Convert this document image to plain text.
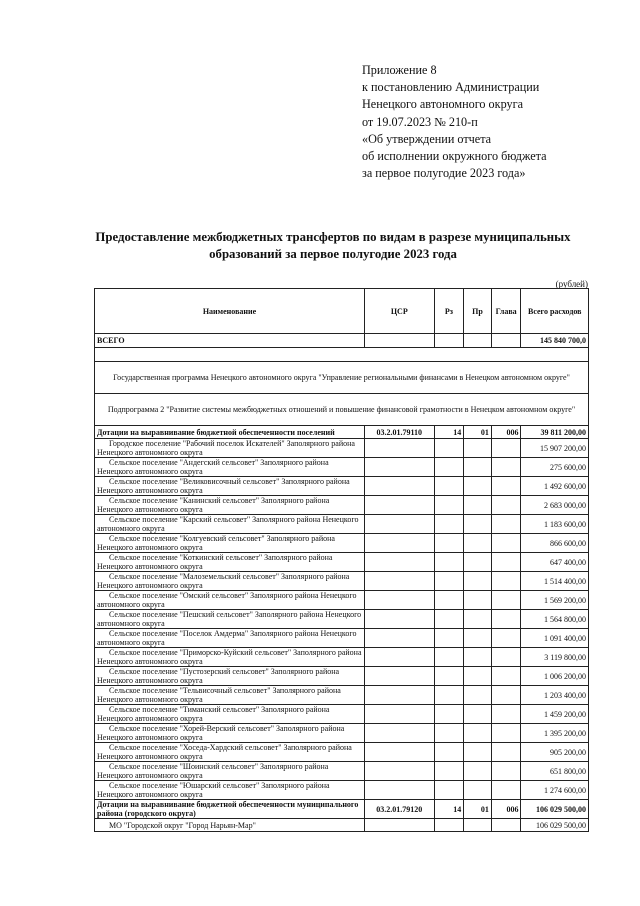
Приложение 8
к постановлению Администрации
Ненецкого автономного округа
от 19.07.2023 № 210-п
«Об утверждении отчета
об исполнении окружного бюджета
за первое полугодие 2023 года»
Предоставление межбюджетных трансфертов по видам в разрезе муниципальных
образований за первое полугодие 2023 года
(рублей)
Наименование	ЦСР	Рз	Пр	Глава	Всего расходов
ВСЕГО					145 840 700,0

Государственная программа Ненецкого автономного округа "Управление региональными финансами в Ненецком автономном округе"					
Подпрограмма 2 "Развитие системы межбюджетных отношений и повышение финансовой грамотности в Ненецком автономном округе"					
Дотации на выравнивание бюджетной обеспеченности поселений	03.2.01.79110	14	01	006	39 811 200,00
Городское поселение "Рабочий поселок Искателей" Заполярного района Ненецкого автономного округа					15 907 200,00
Сельское поселение "Андегский сельсовет" Заполярного района Ненецкого автономного округа					275 600,00
Сельское поселение "Великовисочный сельсовет" Заполярного района Ненецкого автономного округа					1 492 600,00
Сельское поселение "Канинский сельсовет" Заполярного района Ненецкого автономного округа					2 683 000,00
Сельское поселение "Карский сельсовет" Заполярного района Ненецкого автономного округа					1 183 600,00
Сельское поселение "Колгуевский сельсовет" Заполярного района Ненецкого автономного округа					866 600,00
Сельское поселение "Коткинский сельсовет" Заполярного района Ненецкого автономного округа					647 400,00
Сельское поселение "Малоземельский сельсовет" Заполярного района Ненецкого автономного округа					1 514 400,00
Сельское поселение "Омский сельсовет" Заполярного района Ненецкого автономного округа					1 569 200,00
Сельское поселение "Пешский сельсовет" Заполярного района Ненецкого автономного округа					1 564 800,00
Сельское поселение "Поселок Амдерма" Заполярного района Ненецкого автономного округа					1 091 400,00
Сельское поселение "Приморско-Куйский сельсовет" Заполярного района Ненецкого автономного округа					3 119 800,00
Сельское поселение "Пустозерский сельсовет" Заполярного района Ненецкого автономного округа					1 006 200,00
Сельское поселение "Тельвисочный сельсовет" Заполярного района Ненецкого автономного округа					1 203 400,00
Сельское поселение "Тиманский сельсовет" Заполярного района Ненецкого автономного округа					1 459 200,00
Сельское поселение "Хорей-Верский сельсовет" Заполярного района Ненецкого автономного округа					1 395 200,00
Сельское поселение "Хоседа-Хардский сельсовет" Заполярного района Ненецкого автономного округа					905 200,00
Сельское поселение "Шоинский сельсовет" Заполярного района Ненецкого автономного округа					651 800,00
Сельское поселение "Юшарский сельсовет" Заполярного района Ненецкого автономного округа					1 274 600,00
Дотации на выравнивание бюджетной обеспеченности муниципального района (городского округа)	03.2.01.79120	14	01	006	106 029 500,00
МО "Городской округ "Город Нарьян-Мар"					106 029 500,00
